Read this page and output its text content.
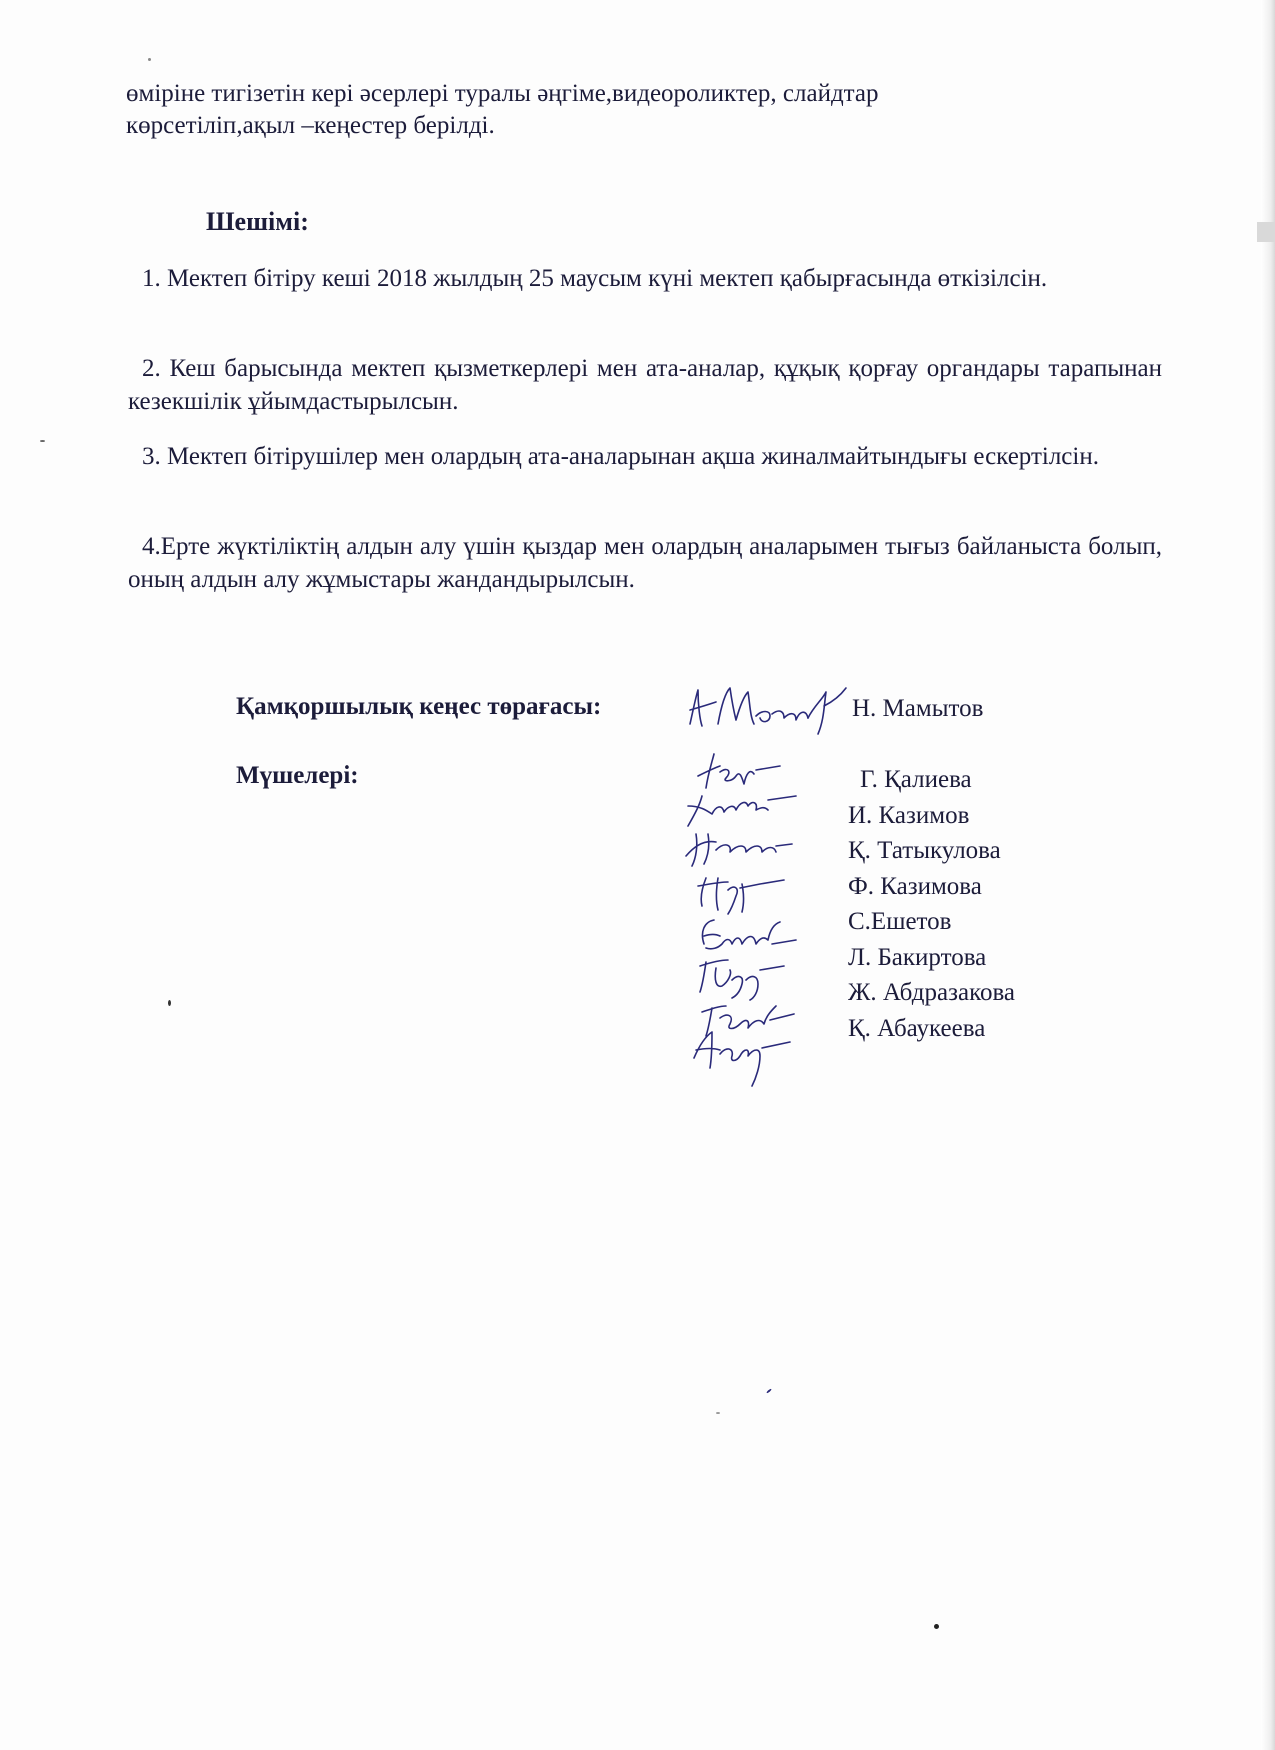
өміріне тигізетін кері әсерлері туралы әңгіме,видеороликтер, слайдтар көрсетіліп,ақыл –кеңестер берілді.
Шешімі:
1. Мектеп бітіру кеші 2018 жылдың 25 маусым күні мектеп қабырғасында өткізілсін.
2. Кеш барысында мектеп қызметкерлері мен ата-аналар, құқық қорғау органдары тарапынан кезекшілік ұйымдастырылсын.
3. Мектеп бітірушілер мен олардың ата-аналарынан ақша жиналмайтындығы ескертілсін.
4.Ерте жүктіліктің алдын алу үшін қыздар мен олардың аналарымен тығыз байланыста болып, оның алдын алу жұмыстары жандандырылсын.
Қамқоршылық кеңес төрағасы:	Н. Мамытов
Мүшелері:	Г. Қалиева
И. Казимов
Қ. Татыкулова
Ф. Казимова
С.Ешетов
Л. Бакиртова
Ж. Абдразакова
Қ. Абаукеева
